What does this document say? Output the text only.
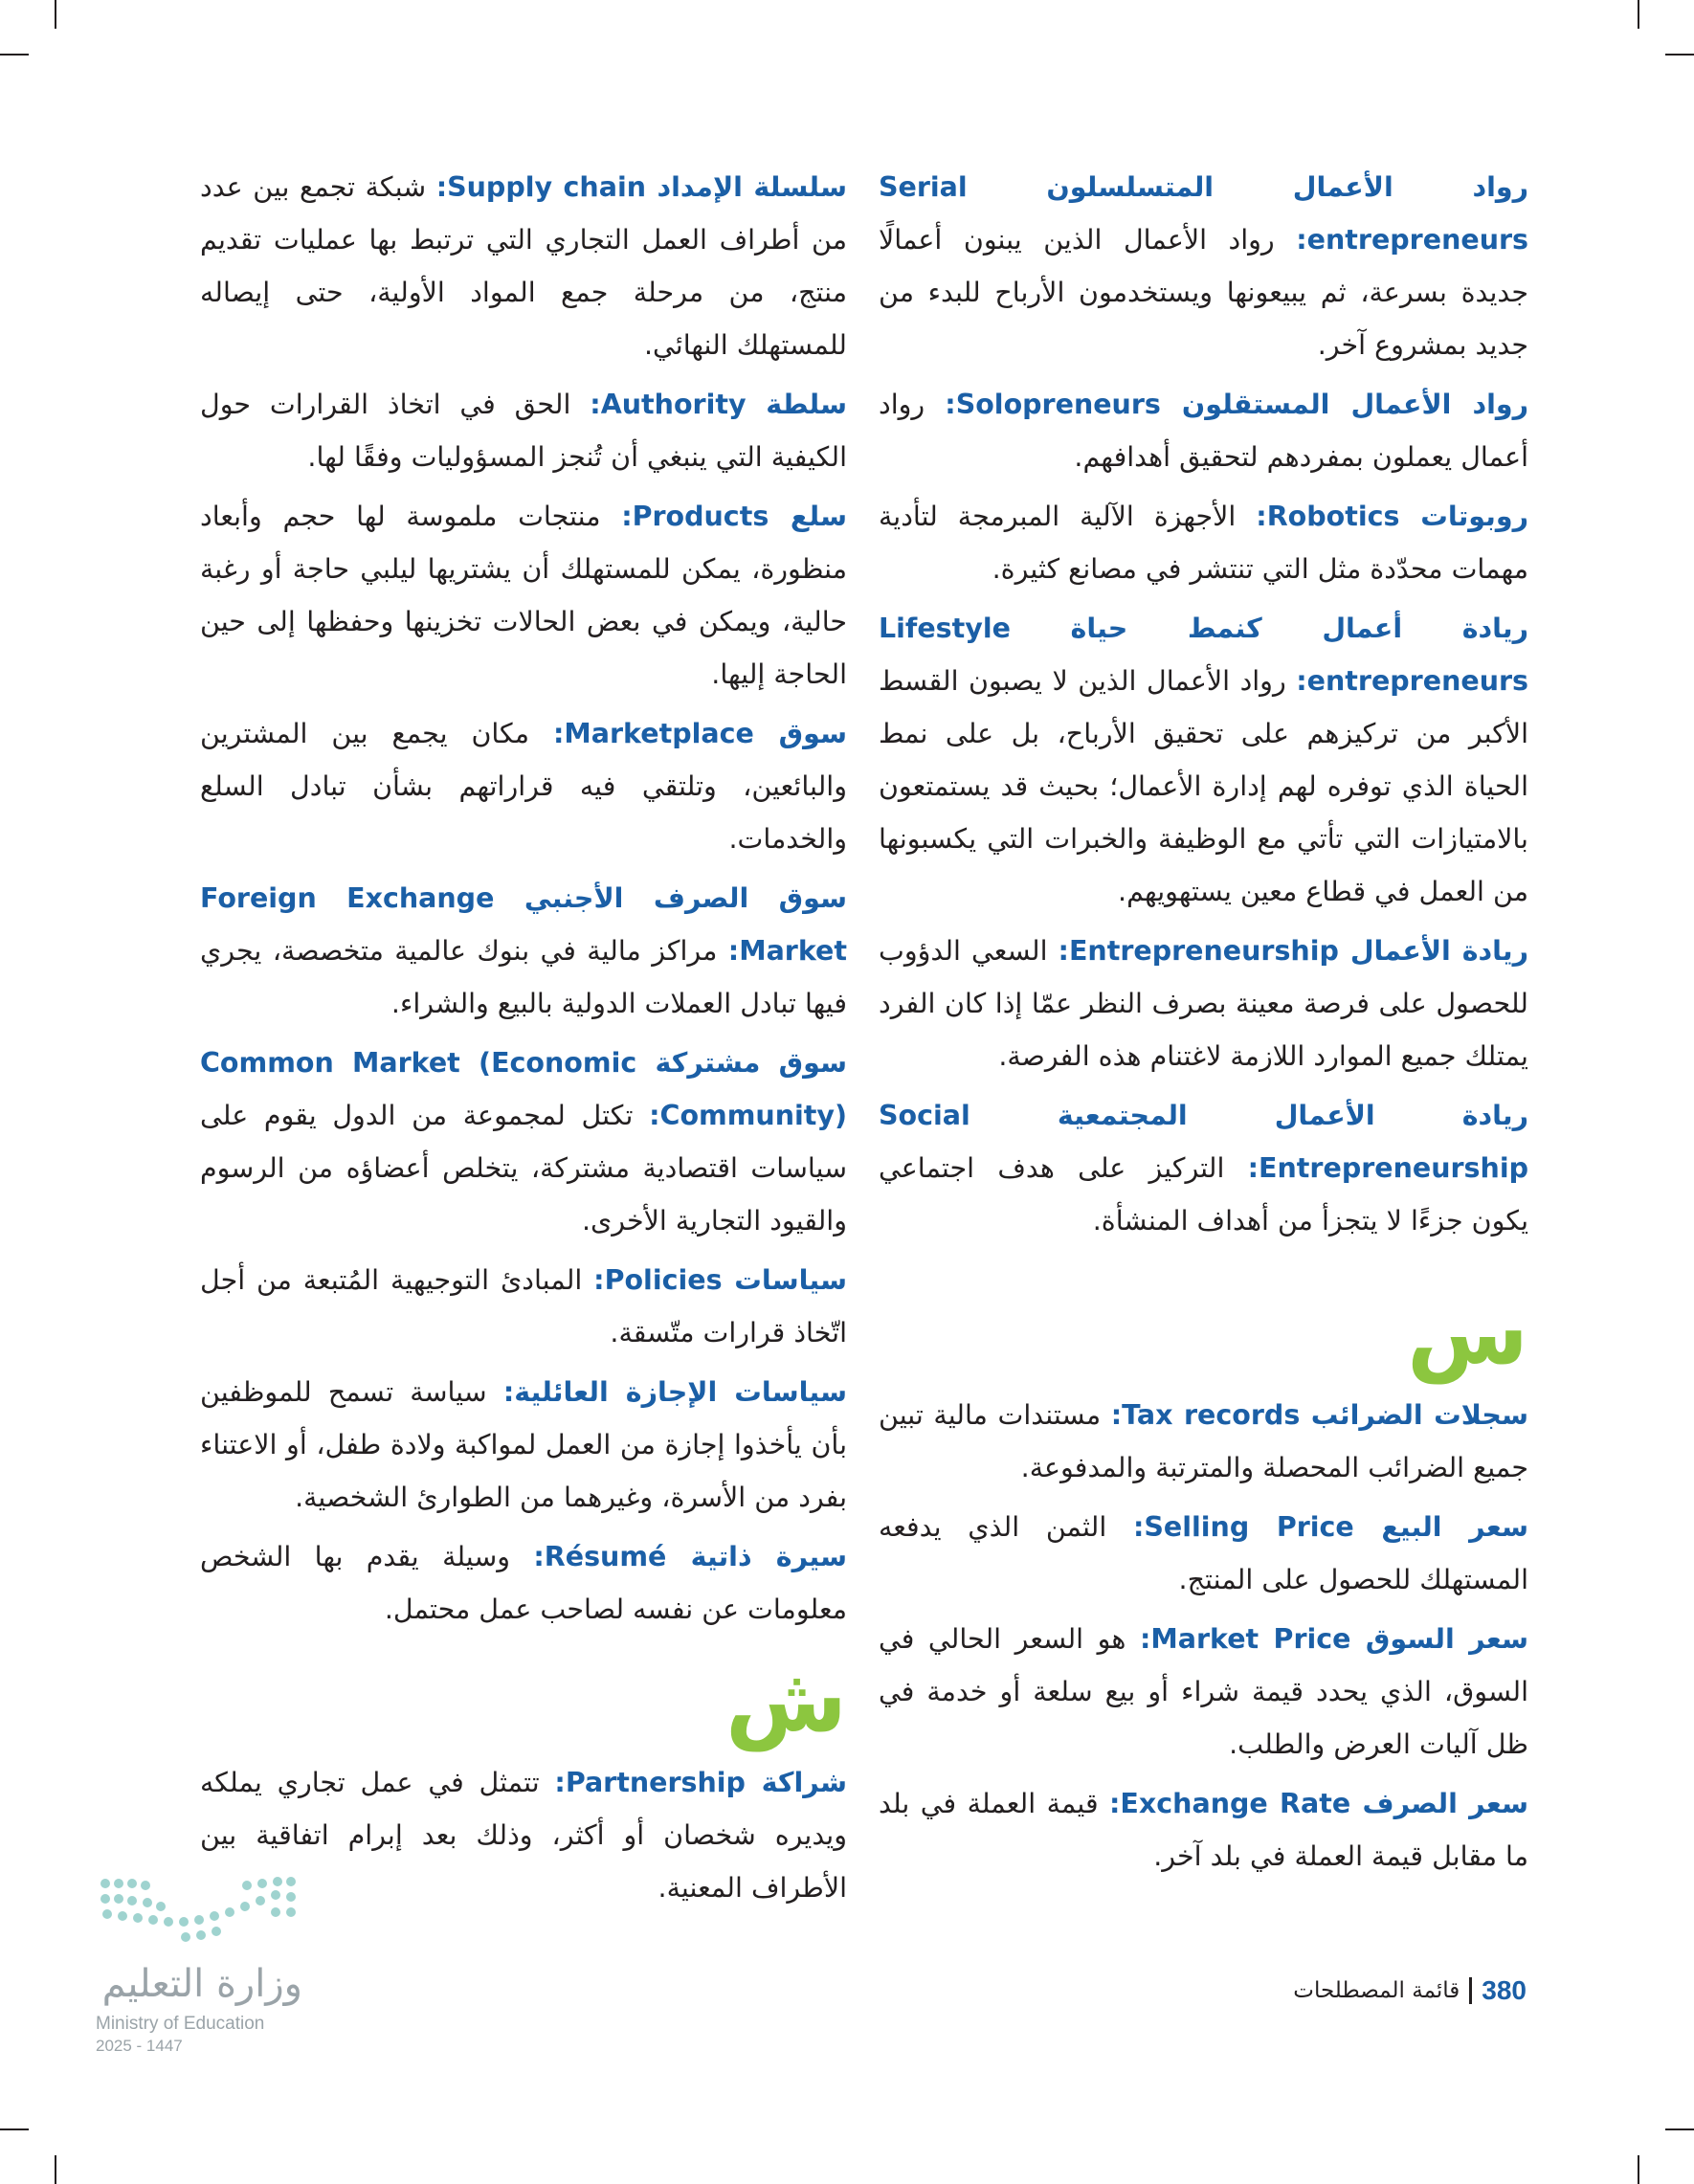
رواد الأعمال المتسلسلون Serial entrepreneurs: رواد الأعمال الذين يبنون أعمالًا جديدة بسرعة، ثم يبيعونها ويستخدمون الأرباح للبدء من جديد بمشروع آخر.

رواد الأعمال المستقلون Solopreneurs: رواد أعمال يعملون بمفردهم لتحقيق أهدافهم.

روبوتات Robotics: الأجهزة الآلية المبرمجة لتأدية مهمات محدّدة مثل التي تنتشر في مصانع كثيرة.

ريادة أعمال كنمط حياة Lifestyle entrepreneurs: رواد الأعمال الذين لا يصبون القسط الأكبر من تركيزهم على تحقيق الأرباح، بل على نمط الحياة الذي توفره لهم إدارة الأعمال؛ بحيث قد يستمتعون بالامتيازات التي تأتي مع الوظيفة والخبرات التي يكسبونها من العمل في قطاع معين يستهويهم.

ريادة الأعمال Entrepreneurship: السعي الدؤوب للحصول على فرصة معينة بصرف النظر عمّا إذا كان الفرد يمتلك جميع الموارد اللازمة لاغتنام هذه الفرصة.

ريادة الأعمال المجتمعية Social Entrepreneurship: التركيز على هدف اجتماعي يكون جزءًا لا يتجزأ من أهداف المنشأة.

س

سجلات الضرائب Tax records: مستندات مالية تبين جميع الضرائب المحصلة والمترتبة والمدفوعة.

سعر البيع Selling Price: الثمن الذي يدفعه المستهلك للحصول على المنتج.

سعر السوق Market Price: هو السعر الحالي في السوق، الذي يحدد قيمة شراء أو بيع سلعة أو خدمة في ظل آليات العرض والطلب.

سعر الصرف Exchange Rate: قيمة العملة في بلد ما مقابل قيمة العملة في بلد آخر.

سلسلة الإمداد Supply chain: شبكة تجمع بين عدد من أطراف العمل التجاري التي ترتبط بها عمليات تقديم منتج، من مرحلة جمع المواد الأولية، حتى إيصاله للمستهلك النهائي.

سلطة Authority: الحق في اتخاذ القرارات حول الكيفية التي ينبغي أن تُنجز المسؤوليات وفقًا لها.

سلع Products: منتجات ملموسة لها حجم وأبعاد منظورة، يمكن للمستهلك أن يشتريها ليلبي حاجة أو رغبة حالية، ويمكن في بعض الحالات تخزينها وحفظها إلى حين الحاجة إليها.

سوق Marketplace: مكان يجمع بين المشترين والبائعين، وتلتقي فيه قراراتهم بشأن تبادل السلع والخدمات.

سوق الصرف الأجنبي Foreign Exchange Market: مراكز مالية في بنوك عالمية متخصصة، يجري فيها تبادل العملات الدولية بالبيع والشراء.

سوق مشتركة Common Market (Economic Community): تكتل لمجموعة من الدول يقوم على سياسات اقتصادية مشتركة، يتخلص أعضاؤه من الرسوم والقيود التجارية الأخرى.

سياسات Policies: المبادئ التوجيهية المُتبعة من أجل اتّخاذ قرارات متّسقة.

سياسات الإجازة العائلية: سياسة تسمح للموظفين بأن يأخذوا إجازة من العمل لمواكبة ولادة طفل، أو الاعتناء بفرد من الأسرة، وغيرهما من الطوارئ الشخصية.

سيرة ذاتية Résumé: وسيلة يقدم بها الشخص معلومات عن نفسه لصاحب عمل محتمل.

ش

شراكة Partnership: تتمثل في عمل تجاري يملكه ويديره شخصان أو أكثر، وذلك بعد إبرام اتفاقية بين الأطراف المعنية.

380
قائمة المصطلحات
وزارة التعليم
Ministry of Education
2025 - 1447
